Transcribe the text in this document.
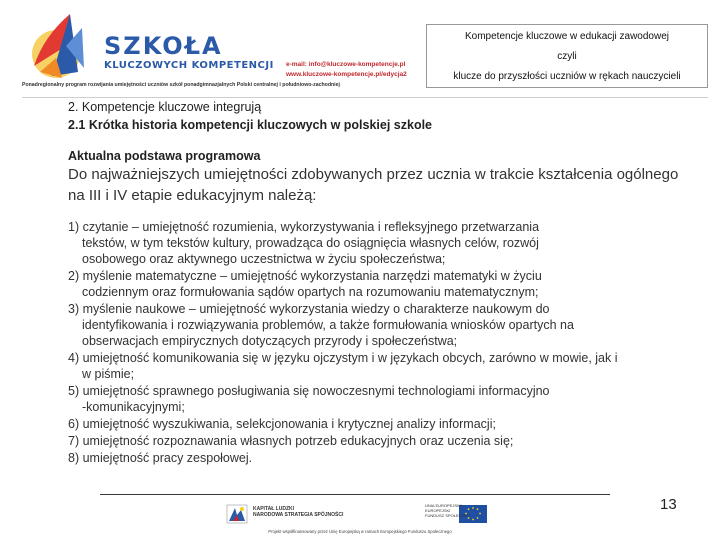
SZKOŁA
KLUCZOWYCH KOMPETENCJI e-mail: info@kluczowe-kompetencje.pl
www.kluczowe-kompetencje.pl/edycja2
Ponadregionalny program rozwijania umiejętności uczniów szkół ponadgimnazjalnych Polski centralnej i południowo-zachodniej
Kompetencje kluczowe w edukacji zawodowej
czyli
klucze do przyszłości uczniów w rękach nauczycieli
2. Kompetencje kluczowe integrują
2.1 Krótka historia kompetencji kluczowych w polskiej szkole
Aktualna podstawa programowa
Do najważniejszych umiejętności zdobywanych przez ucznia w trakcie kształcenia ogólnego na III i IV etapie edukacyjnym należą:
1) czytanie – umiejętność rozumienia, wykorzystywania i refleksyjnego przetwarzania
tekstów, w tym tekstów kultury, prowadząca do osiągnięcia własnych celów, rozwój
osobowego oraz aktywnego uczestnictwa w życiu społeczeństwa;
2) myślenie matematyczne – umiejętność wykorzystania narzędzi matematyki w życiu
codziennym oraz formułowania sądów opartych na rozumowaniu matematycznym;
3) myślenie naukowe – umiejętność wykorzystania wiedzy o charakterze naukowym do
identyfikowania i rozwiązywania problemów, a także formułowania wniosków opartych na
obserwacjach empirycznych dotyczących przyrody i społeczeństwa;
4) umiejętność komunikowania się w języku ojczystym i w językach obcych, zarówno w mowie, jak i
w piśmie;
5) umiejętność sprawnego posługiwania się nowoczesnymi technologiami informacyjno
-komunikacyjnymi;
6) umiejętność wyszukiwania, selekcjonowania i krytycznej analizy informacji;
7) umiejętność rozpoznawania własnych potrzeb edukacyjnych oraz uczenia się;
8) umiejętność pracy zespołowej.
13
KAPITAŁ LUDZKI
NARODOWA STRATEGIA SPÓJNOŚCI
UNIA EUROPEJSKA
EUROPEJSKI
FUNDUSZ SPOŁECZNY
Projekt współfinansowany przez Unię Europejską w ramach Europejskiego Funduszu Społecznego
